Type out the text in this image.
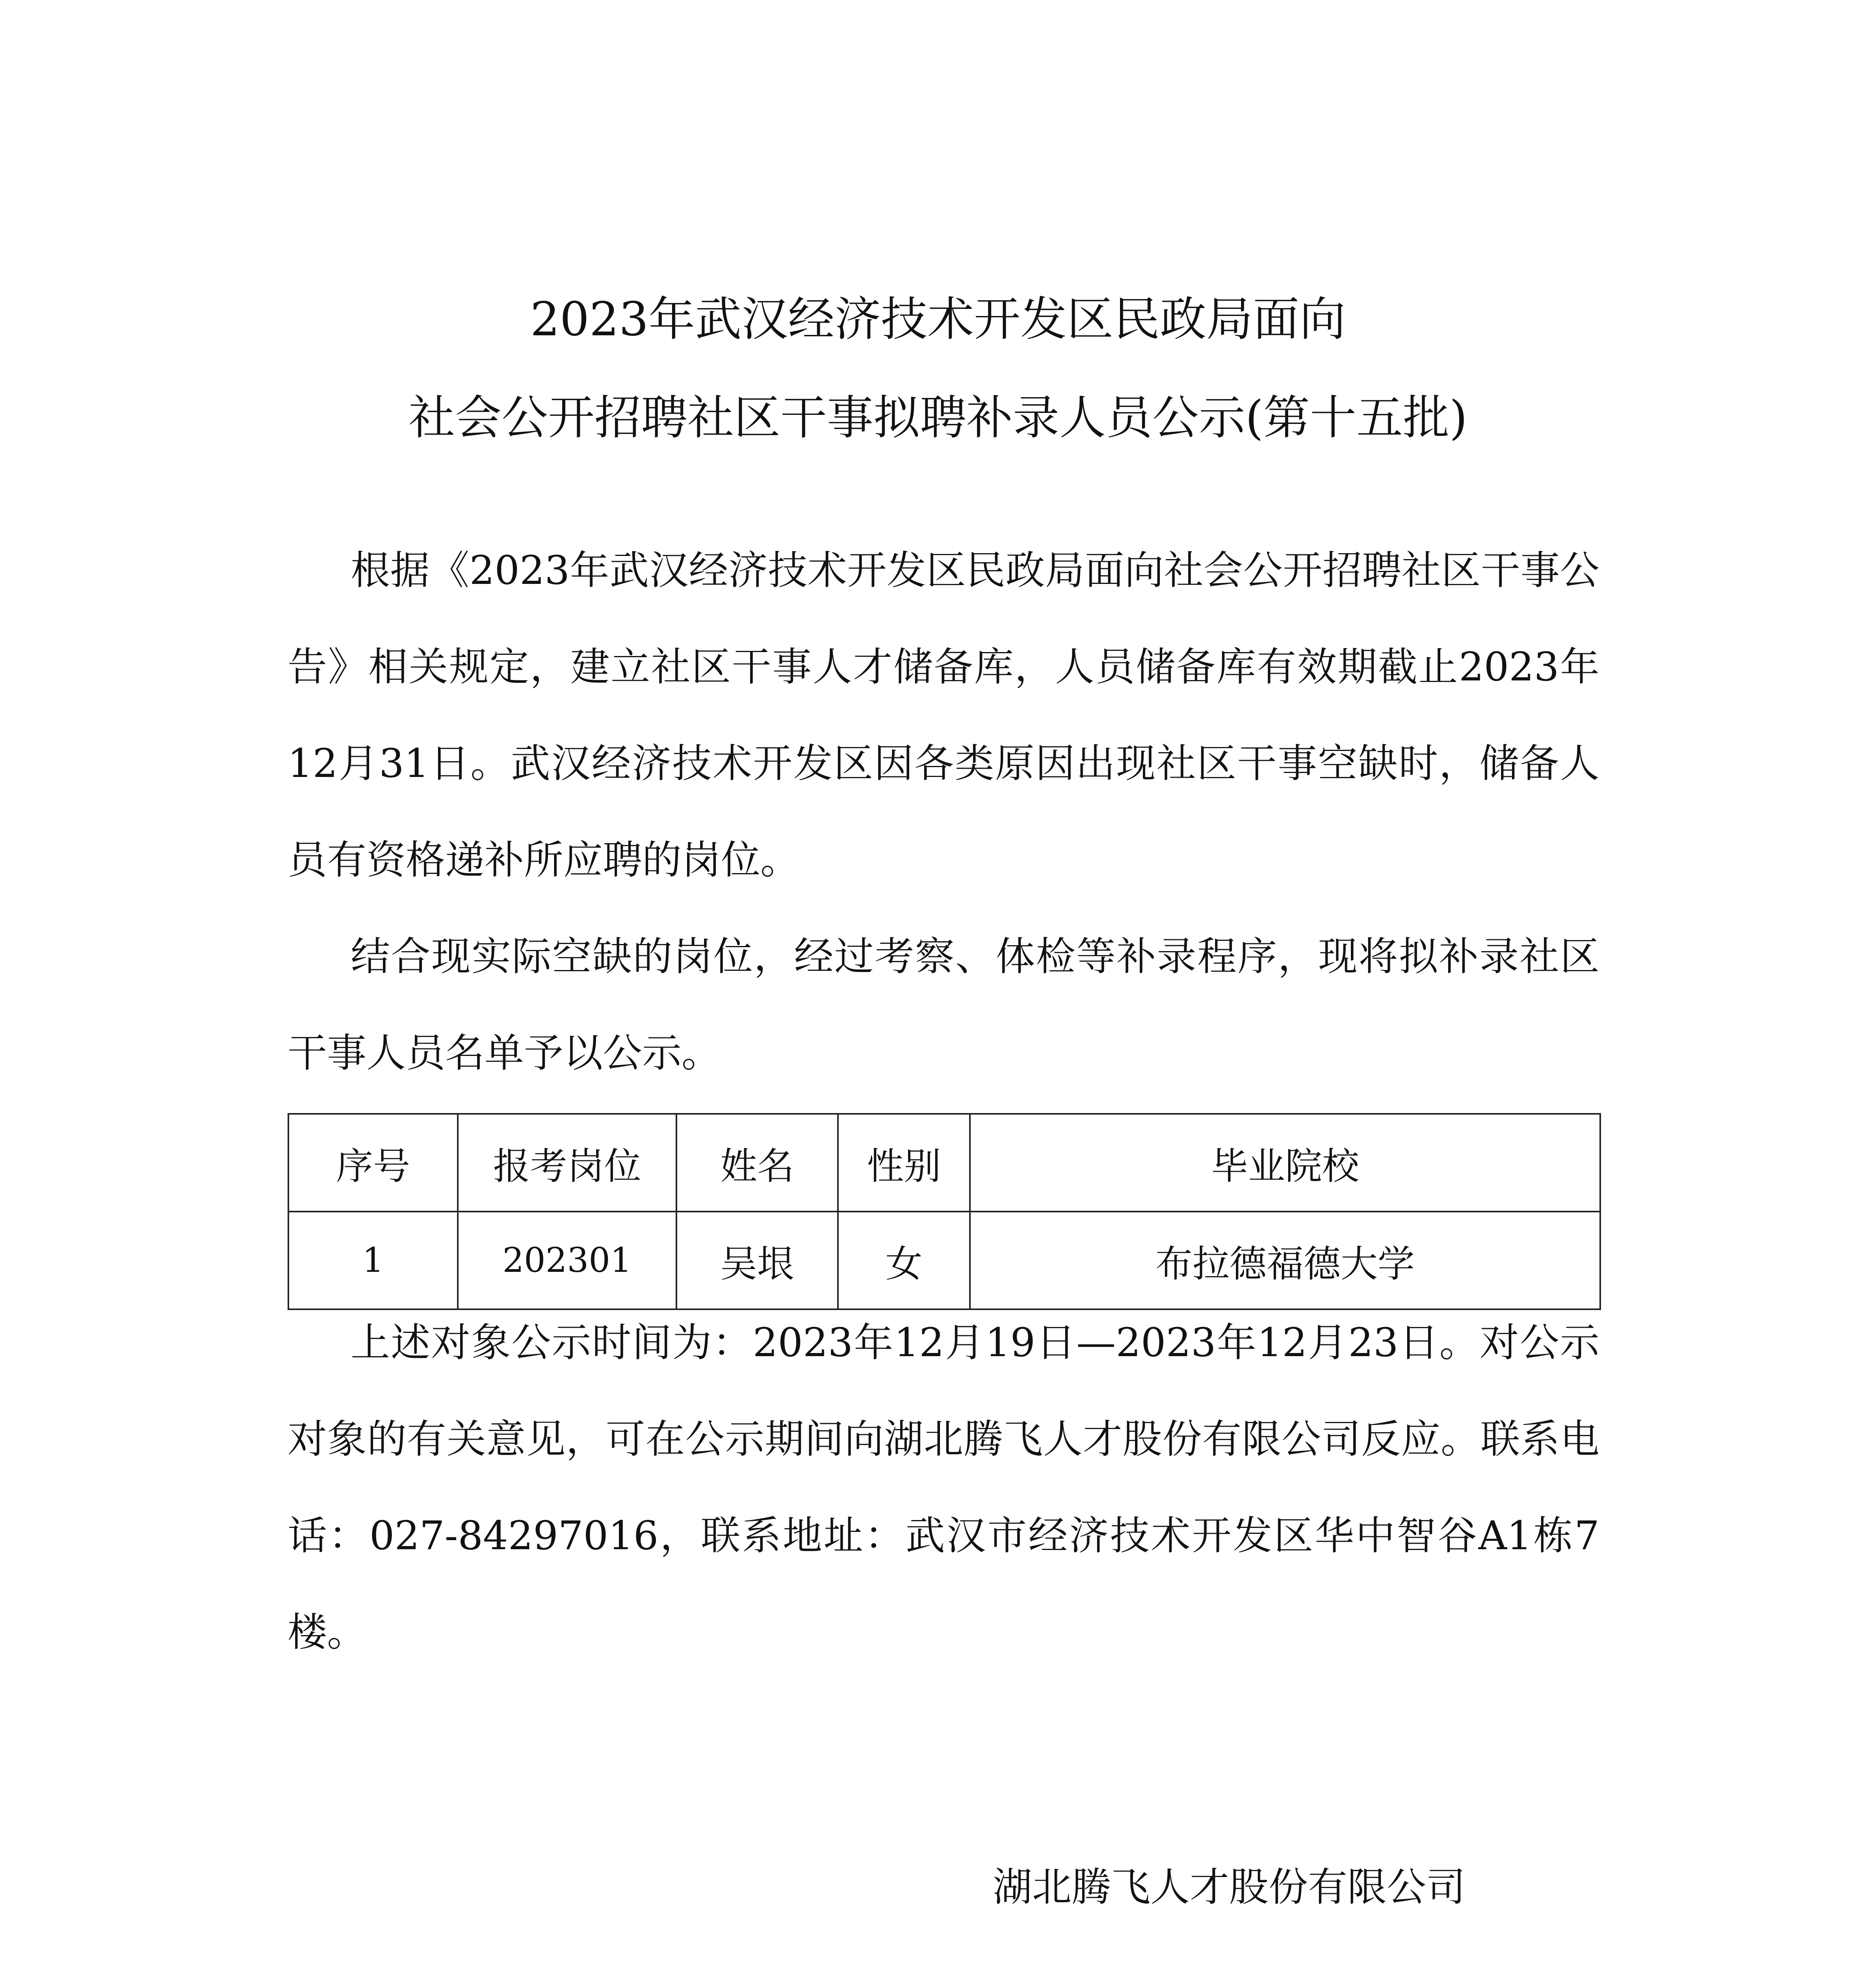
2023年武汉经济技术开发区民政局面向
社会公开招聘社区干事拟聘补录人员公示(第十五批)

根据《2023年武汉经济技术开发区民政局面向社会公开招聘社区干事公告》相关规定，建立社区干事人才储备库，人员储备库有效期截止2023年12月31日。武汉经济技术开发区因各类原因出现社区干事空缺时，储备人员有资格递补所应聘的岗位。

结合现实际空缺的岗位，经过考察、体检等补录程序，现将拟补录社区干事人员名单予以公示。

序号	报考岗位	姓名	性别	毕业院校
1	202301	吴垠	女	布拉德福德大学

上述对象公示时间为：2023年12月19日—2023年12月23日。对公示对象的有关意见，可在公示期间向湖北腾飞人才股份有限公司反应。联系电话：027-84297016，联系地址：武汉市经济技术开发区华中智谷A1栋7楼。

湖北腾飞人才股份有限公司
